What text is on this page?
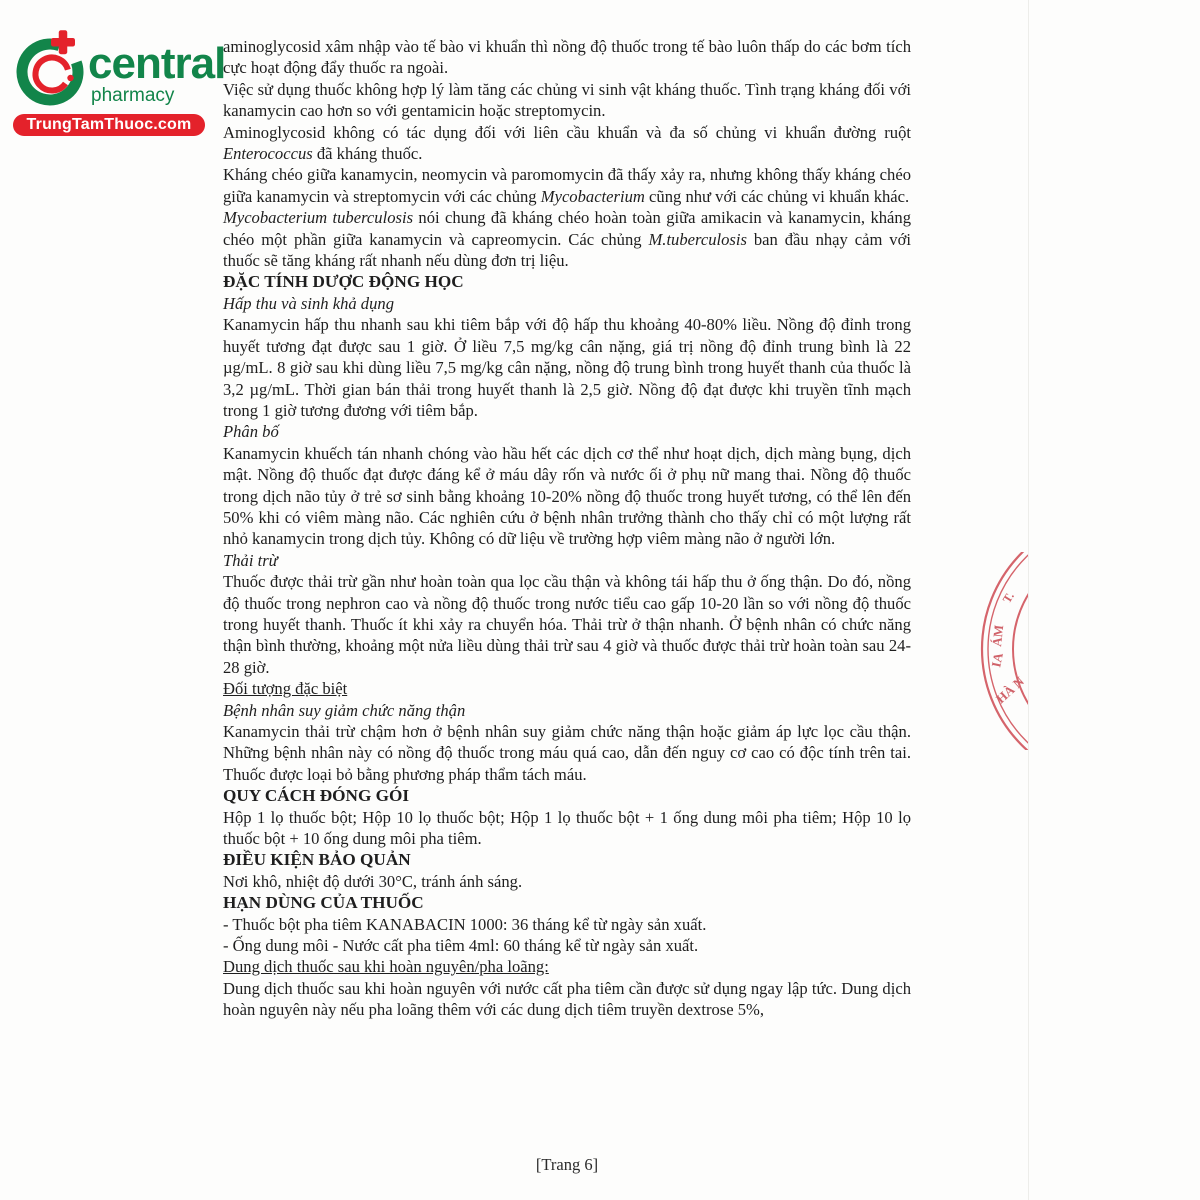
central
pharmacy
TrungTamThuoc.com
T.
ÁM
IA
HÀ N

aminoglycosid xâm nhập vào tế bào vi khuẩn thì nồng độ thuốc trong tế bào luôn thấp do các bơm tích cực hoạt động đẩy thuốc ra ngoài.

Việc sử dụng thuốc không hợp lý làm tăng các chủng vi sinh vật kháng thuốc. Tình trạng kháng đối với kanamycin cao hơn so với gentamicin hoặc streptomycin.

Aminoglycosid không có tác dụng đối với liên cầu khuẩn và đa số chủng vi khuẩn đường ruột Enterococcus đã kháng thuốc.

Kháng chéo giữa kanamycin, neomycin và paromomycin đã thấy xảy ra, nhưng không thấy kháng chéo giữa kanamycin và streptomycin với các chủng Mycobacterium cũng như với các chủng vi khuẩn khác.

Mycobacterium tuberculosis nói chung đã kháng chéo hoàn toàn giữa amikacin và kanamycin, kháng chéo một phần giữa kanamycin và capreomycin. Các chủng M.tuberculosis ban đầu nhạy cảm với thuốc sẽ tăng kháng rất nhanh nếu dùng đơn trị liệu.

ĐẶC TÍNH DƯỢC ĐỘNG HỌC

Hấp thu và sinh khả dụng

Kanamycin hấp thu nhanh sau khi tiêm bắp với độ hấp thu khoảng 40-80% liều. Nồng độ đỉnh trong huyết tương đạt được sau 1 giờ. Ở liều 7,5 mg/kg cân nặng, giá trị nồng độ đỉnh trung bình là 22 µg/mL. 8 giờ sau khi dùng liều 7,5 mg/kg cân nặng, nồng độ trung bình trong huyết thanh của thuốc là 3,2 µg/mL. Thời gian bán thải trong huyết thanh là 2,5 giờ. Nồng độ đạt được khi truyền tĩnh mạch trong 1 giờ tương đương với tiêm bắp.

Phân bố

Kanamycin khuếch tán nhanh chóng vào hầu hết các dịch cơ thể như hoạt dịch, dịch màng bụng, dịch mật. Nồng độ thuốc đạt được đáng kể ở máu dây rốn và nước ối ở phụ nữ mang thai. Nồng độ thuốc trong dịch não tủy ở trẻ sơ sinh bằng khoảng 10-20% nồng độ thuốc trong huyết tương, có thể lên đến 50% khi có viêm màng não. Các nghiên cứu ở bệnh nhân trưởng thành cho thấy chỉ có một lượng rất nhỏ kanamycin trong dịch tủy. Không có dữ liệu về trường hợp viêm màng não ở người lớn.

Thải trừ

Thuốc được thải trừ gần như hoàn toàn qua lọc cầu thận và không tái hấp thu ở ống thận. Do đó, nồng độ thuốc trong nephron cao và nồng độ thuốc trong nước tiểu cao gấp 10-20 lần so với nồng độ thuốc trong huyết thanh. Thuốc ít khi xảy ra chuyển hóa. Thải trừ ở thận nhanh. Ở bệnh nhân có chức năng thận bình thường, khoảng một nửa liều dùng thải trừ sau 4 giờ và thuốc được thải trừ hoàn toàn sau 24-28 giờ.

Đối tượng đặc biệt

Bệnh nhân suy giảm chức năng thận

Kanamycin thải trừ chậm hơn ở bệnh nhân suy giảm chức năng thận hoặc giảm áp lực lọc cầu thận. Những bệnh nhân này có nồng độ thuốc trong máu quá cao, dẫn đến nguy cơ cao có độc tính trên tai. Thuốc được loại bỏ bằng phương pháp thẩm tách máu.

QUY CÁCH ĐÓNG GÓI

Hộp 1 lọ thuốc bột; Hộp 10 lọ thuốc bột; Hộp 1 lọ thuốc bột + 1 ống dung môi pha tiêm; Hộp 10 lọ thuốc bột + 10 ống dung môi pha tiêm.

ĐIỀU KIỆN BẢO QUẢN

Nơi khô, nhiệt độ dưới 30°C, tránh ánh sáng.

HẠN DÙNG CỦA THUỐC

- Thuốc bột pha tiêm KANABACIN 1000: 36 tháng kể từ ngày sản xuất.

- Ống dung môi - Nước cất pha tiêm 4ml: 60 tháng kể từ ngày sản xuất.

Dung dịch thuốc sau khi hoàn nguyên/pha loãng:

Dung dịch thuốc sau khi hoàn nguyên với nước cất pha tiêm cần được sử dụng ngay lập tức. Dung dịch hoàn nguyên này nếu pha loãng thêm với các dung dịch tiêm truyền dextrose 5%,

[Trang 6]
